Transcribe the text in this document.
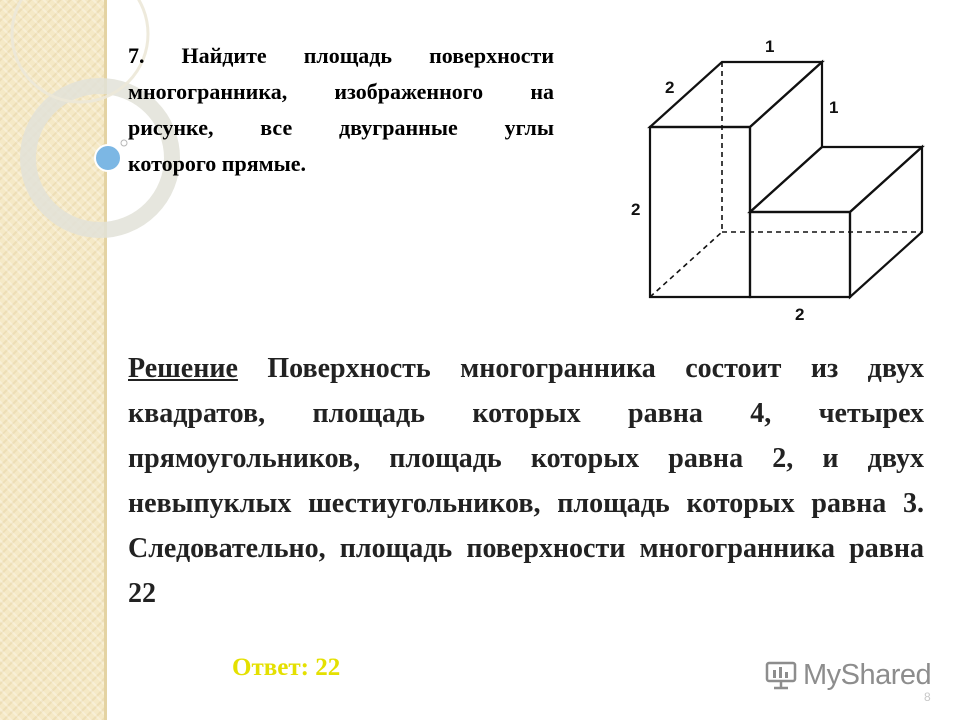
7. Найдите площадь поверхности многогранника, изображенного на рисунке, все двугранные углы
которого прямые.

1
2
1
2
2

Решение Поверхность многогранника состоит из двух квадратов, площадь которых равна 4, четырех прямоугольников, площадь которых равна 2, и двух невыпуклых шестиугольников, площадь которых равна 3. Следовательно, площадь поверхности многогранника равна 22

Ответ: 22	MyShared
8
